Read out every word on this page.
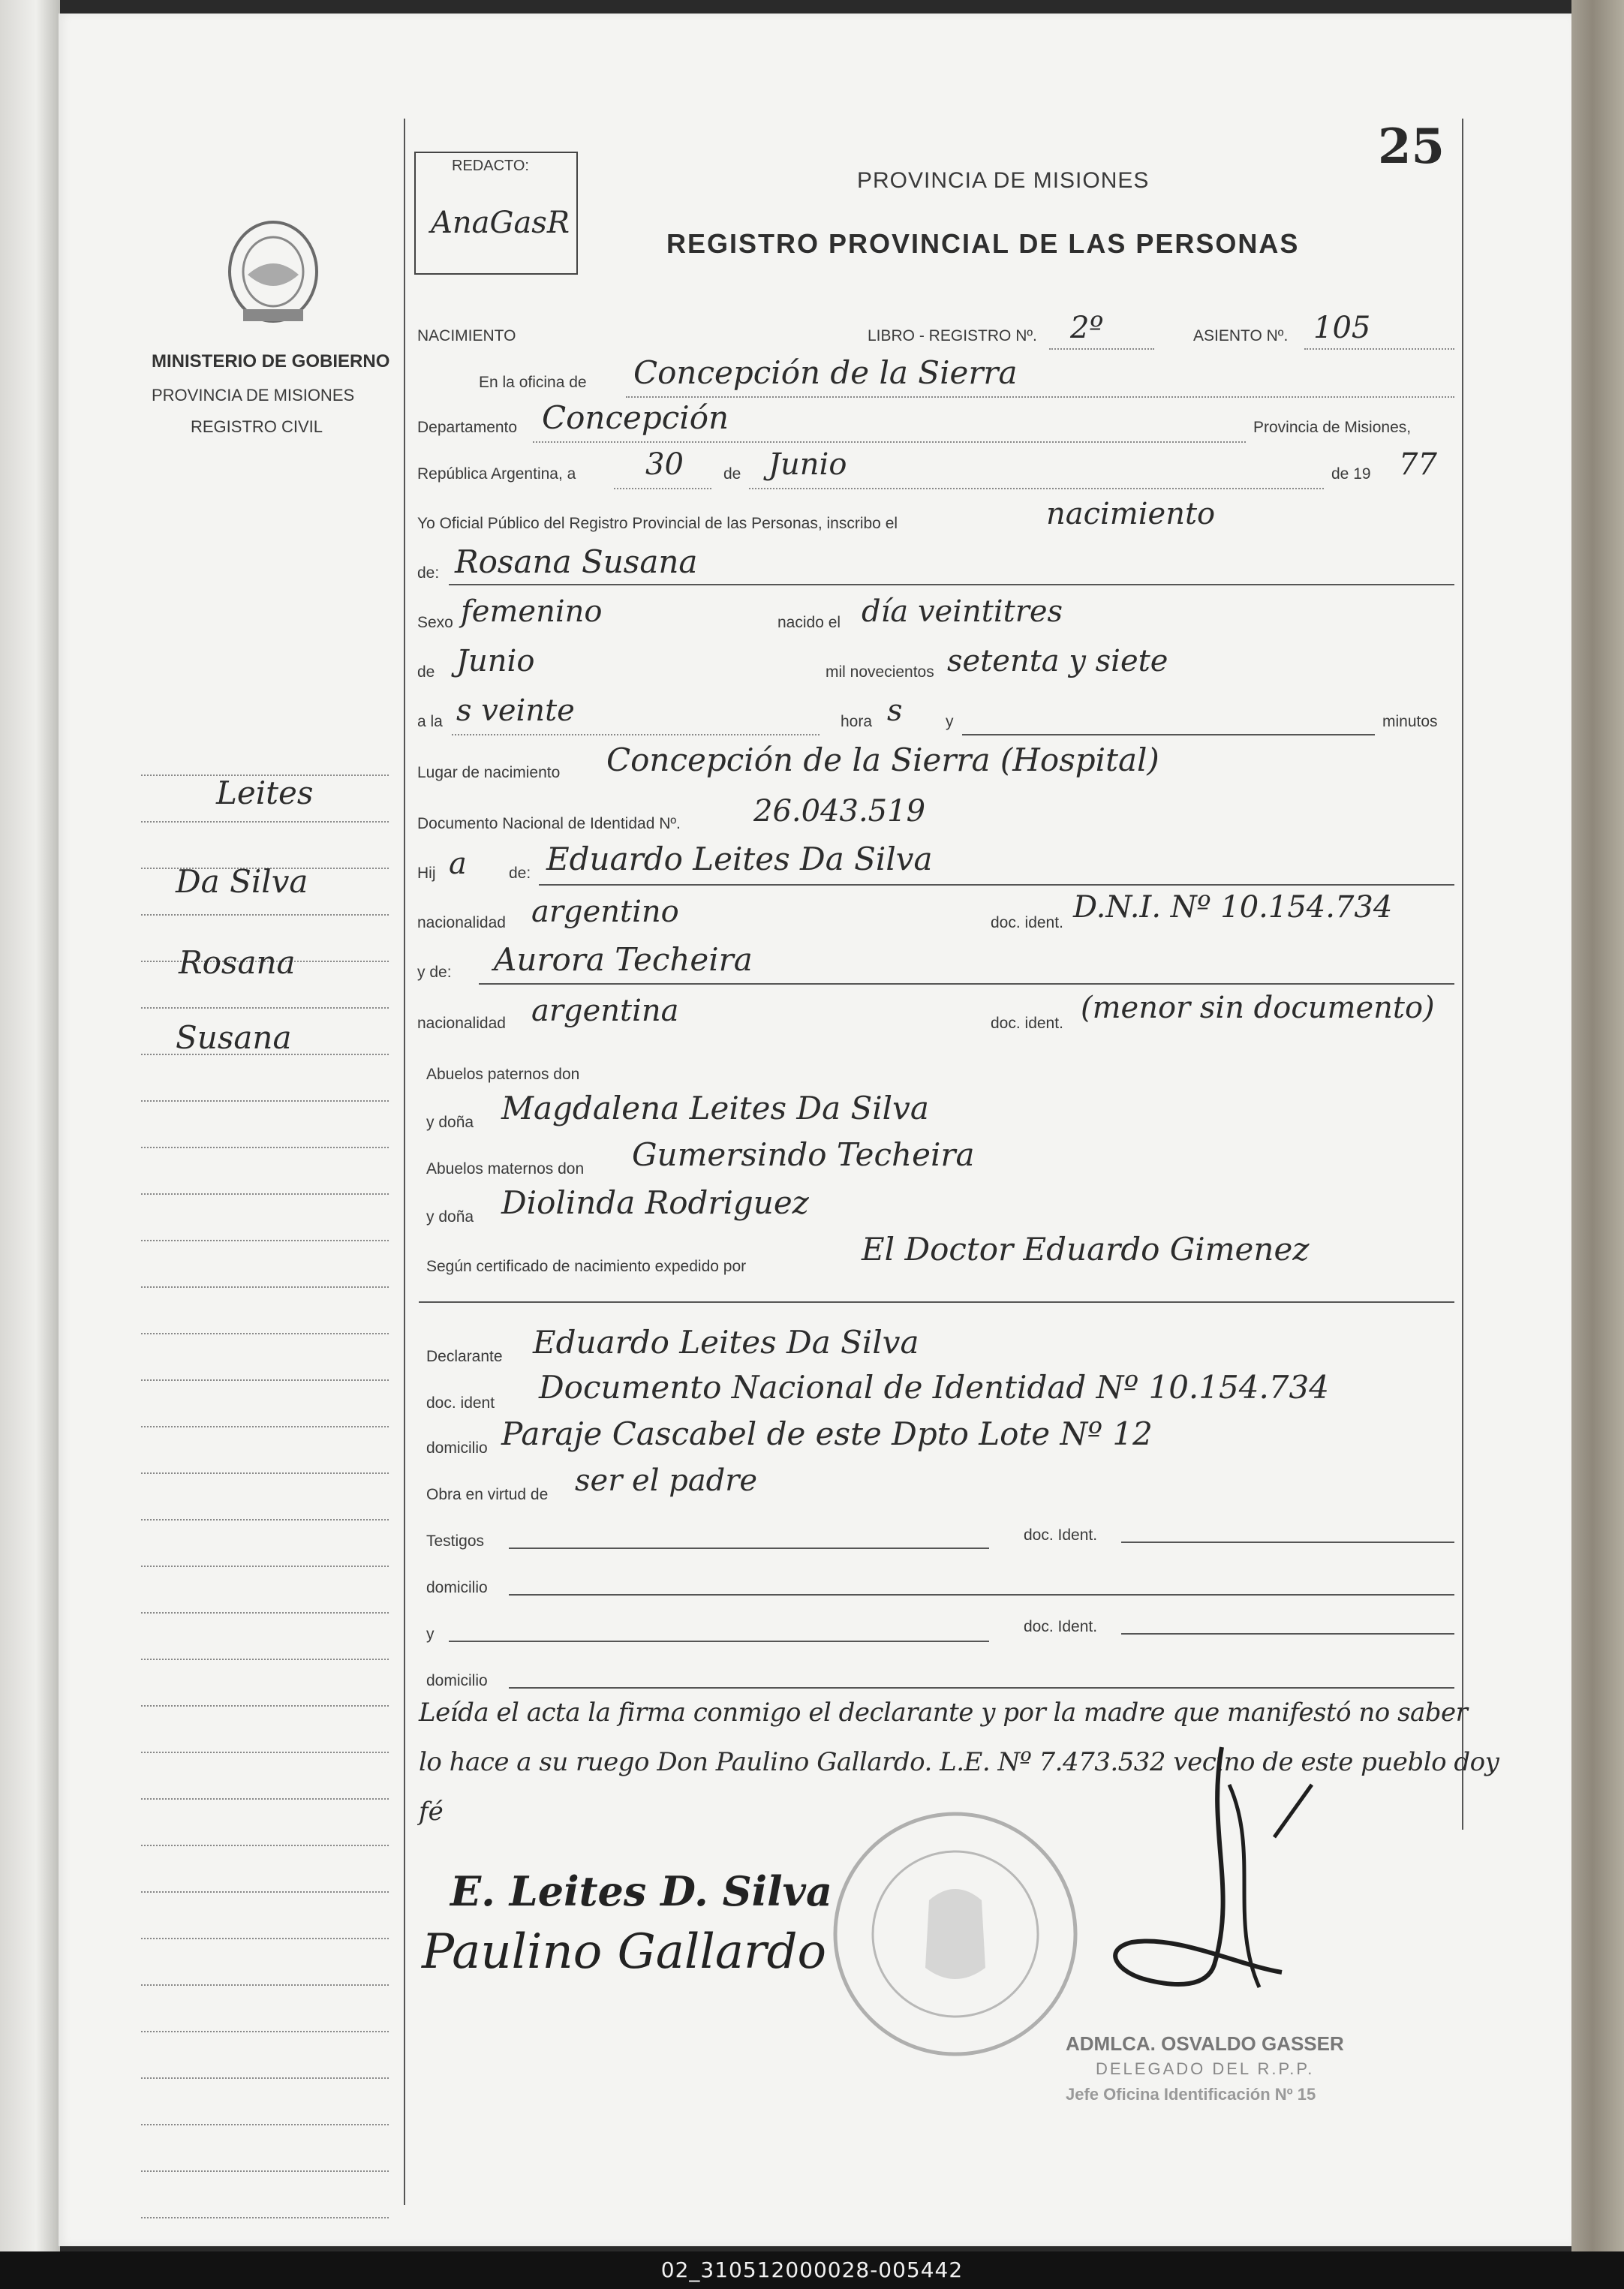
REDACTO:
AnaGasR
25
PROVINCIA DE MISIONES
REGISTRO PROVINCIAL DE LAS PERSONAS
MINISTERIO DE GOBIERNO
PROVINCIA DE MISIONES
REGISTRO CIVIL
Leites
Da Silva
Rosana
Susana
NACIMIENTO	LIBRO - REGISTRO Nº. 2º	ASIENTO Nº. 105
En la oficina de Concepción de la Sierra
Departamento Concepción	Provincia de Misiones,
República Argentina, a 30	de Junio	de 19 77
Yo Oficial Público del Registro Provincial de las Personas, inscribo el	nacimiento
de: Rosana Susana
Sexo femenino	nacido el día veintitres
de Junio	mil novecientos setenta y siete
a la s veinte	hora s	y	minutos
Lugar de nacimiento Concepción de la Sierra (Hospital)
Documento Nacional de Identidad Nº. 26.043.519
Hij a	de: Eduardo Leites Da Silva
nacionalidad argentino	doc. ident. D.N.I. Nº 10.154.734
y de: Aurora Techeira
nacionalidad argentina	doc. ident. (menor sin documento)
Abuelos paternos don
y doña Magdalena Leites Da Silva
Abuelos maternos don Gumersindo Techeira
y doña Diolinda Rodriguez
Según certificado de nacimiento expedido por	El Doctor Eduardo Gimenez
Declarante Eduardo Leites Da Silva
doc. ident Documento Nacional de Identidad Nº 10.154.734
domicilio Paraje Cascabel de este Dpto Lote Nº 12
Obra en virtud de ser el padre
Testigos	doc. Ident.
domicilio
y	doc. Ident.
domicilio
Leída el acta la firma conmigo el declarante y por la madre que manifestó no saber
lo hace a su ruego Don Paulino Gallardo. L.E. Nº 7.473.532 vecino de este pueblo doy
fé
E. Leites D. Silva
Paulino Gallardo
ADMLCA. OSVALDO GASSER
DELEGADO DEL R.P.P.
Jefe Oficina Identificación Nº 15
02_310512000028-005442
